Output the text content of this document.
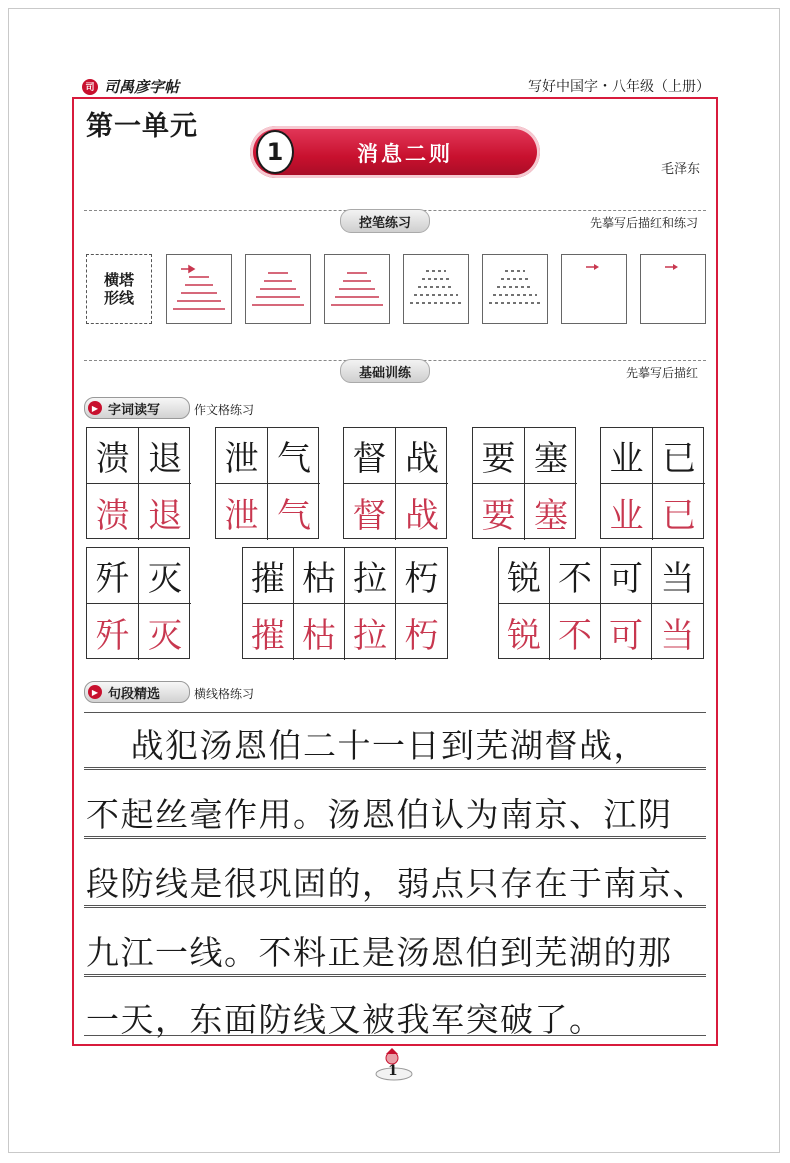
司 司禺彦字帖	写好中国字・八年级（上册）
第一单元
1	消息二则
毛泽东
控笔练习	先摹写后描红和练习
横塔
形线
基础训练	先摹写后描红
▶ 字词读写	作文格练习
溃 退
溃 退
泄 气
泄 气
督 战
督 战
要 塞
要 塞
业 已
业 已
歼 灭
歼 灭
摧 枯 拉 朽
摧 枯 拉 朽
锐 不 可 当
锐 不 可 当
▶ 句段精选	横线格练习
　战犯汤恩伯二十一日到芜湖督战，
不起丝毫作用。汤恩伯认为南京、江阴
段防线是很巩固的，弱点只存在于南京、
九江一线。不料正是汤恩伯到芜湖的那
一天，东面防线又被我军突破了。
1
